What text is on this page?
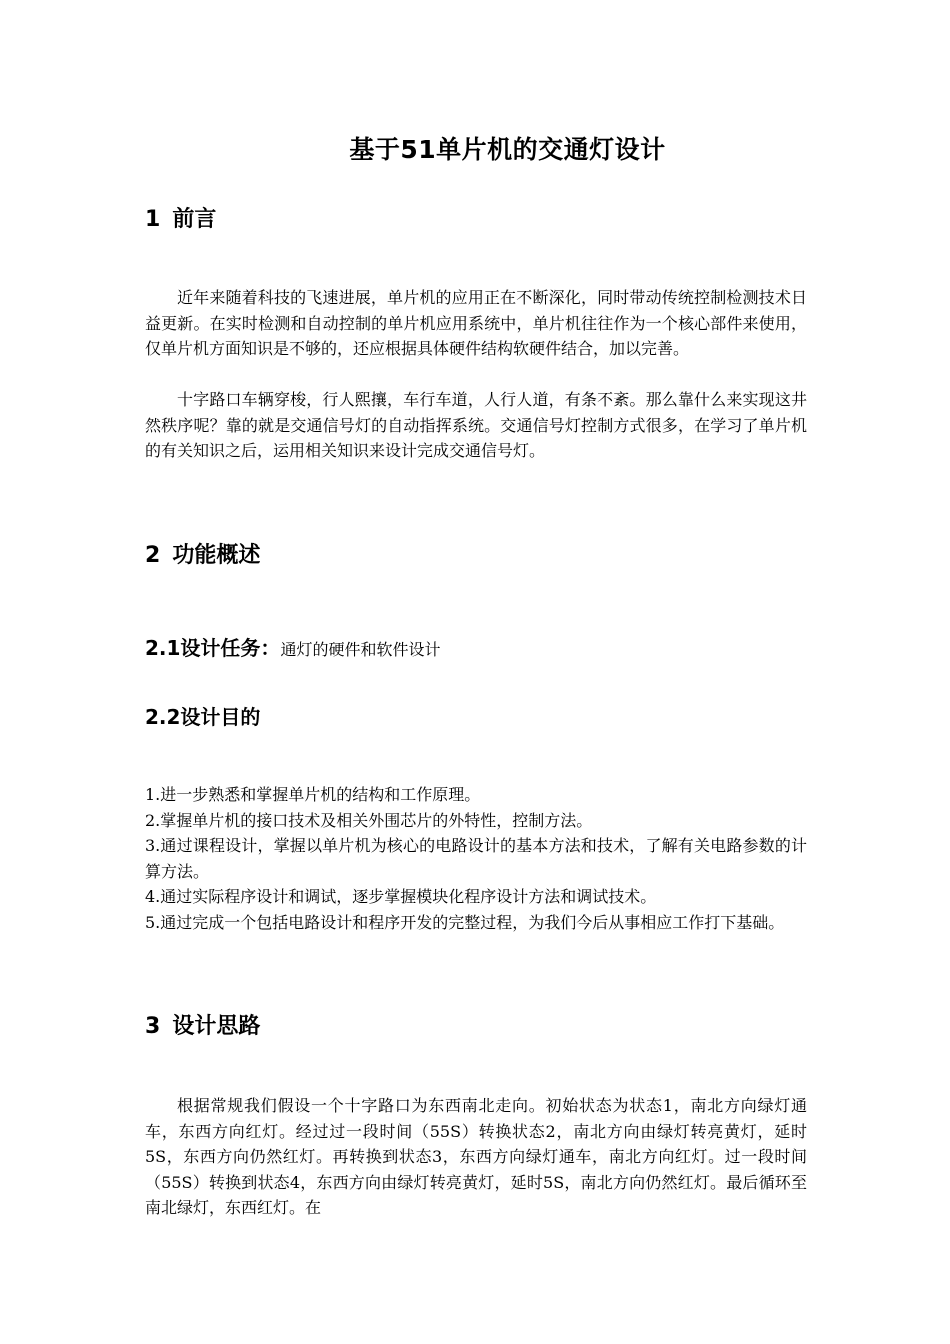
基于51单片机的交通灯设计
1 前言

近年来随着科技的飞速进展，单片机的应用正在不断深化，同时带动传统控制检测技术日益更新。在实时检测和自动控制的单片机应用系统中，单片机往往作为一个核心部件来使用，仅单片机方面知识是不够的，还应根据具体硬件结构软硬件结合，加以完善。

十字路口车辆穿梭，行人熙攘，车行车道，人行人道，有条不紊。那么靠什么来实现这井然秩序呢？靠的就是交通信号灯的自动指挥系统。交通信号灯控制方式很多，在学习了单片机的有关知识之后，运用相关知识来设计完成交通信号灯。

2 功能概述
2.1设计任务：通灯的硬件和软件设计
2.2设计目的
1.进一步熟悉和掌握单片机的结构和工作原理。
2.掌握单片机的接口技术及相关外围芯片的外特性，控制方法。
3.通过课程设计，掌握以单片机为核心的电路设计的基本方法和技术，了解有关电路参数的计算方法。
4.通过实际程序设计和调试，逐步掌握模块化程序设计方法和调试技术。
5.通过完成一个包括电路设计和程序开发的完整过程，为我们今后从事相应工作打下基础。
3 设计思路

根据常规我们假设一个十字路口为东西南北走向。初始状态为状态1，南北方向绿灯通车，东西方向红灯。经过过一段时间（55S）转换状态2，南北方向由绿灯转亮黄灯，延时5S，东西方向仍然红灯。再转换到状态3，东西方向绿灯通车，南北方向红灯。过一段时间（55S）转换到状态4，东西方向由绿灯转亮黄灯，延时5S，南北方向仍然红灯。最后循环至南北绿灯，东西红灯。在
